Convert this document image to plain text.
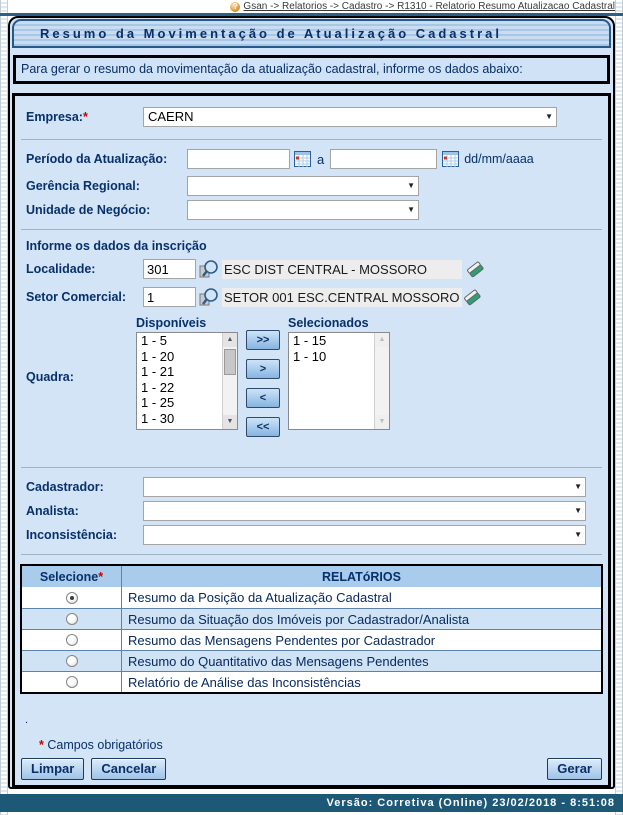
? Gsan -> Relatorios -> Cadastro -> R1310 - Relatorio Resumo Atualizacao Cadastral
Resumo da Movimentação de Atualização Cadastral
Para gerar o resumo da movimentação da atualização cadastral, informe os dados abaixo:
Empresa:*	CAERN	▼
Período da Atualização:	a	dd/mm/aaaa
Gerência Regional:	▼
Unidade de Negócio:	▼
Informe os dados da inscrição
Localidade:
301	ESC DIST CENTRAL - MOSSORO
Setor Comercial:
1	SETOR 001 ESC.CENTRAL MOSSORO
Quadra:
Disponíveis
1 - 5
1 - 20
1 - 21
1 - 22
1 - 25
1 - 30
▲
▼
>>
>
<
<<
Selecionados
1 - 15
1 - 10
▲
▼
Cadastrador:	▼
Analista:	▼
Inconsistência:	▼
Selecione *	RELATóRIOS
Resumo da Posição da Atualização Cadastral
Resumo da Situação dos Imóveis por Cadastrador/Analista
Resumo das Mensagens Pendentes por Cadastrador
Resumo do Quantitativo das Mensagens Pendentes
Relatório de Análise das Inconsistências
.
* Campos obrigatórios
Limpar	Cancelar	Gerar
Versão: Corretiva (Online) 23/02/2018 - 8:51:08
